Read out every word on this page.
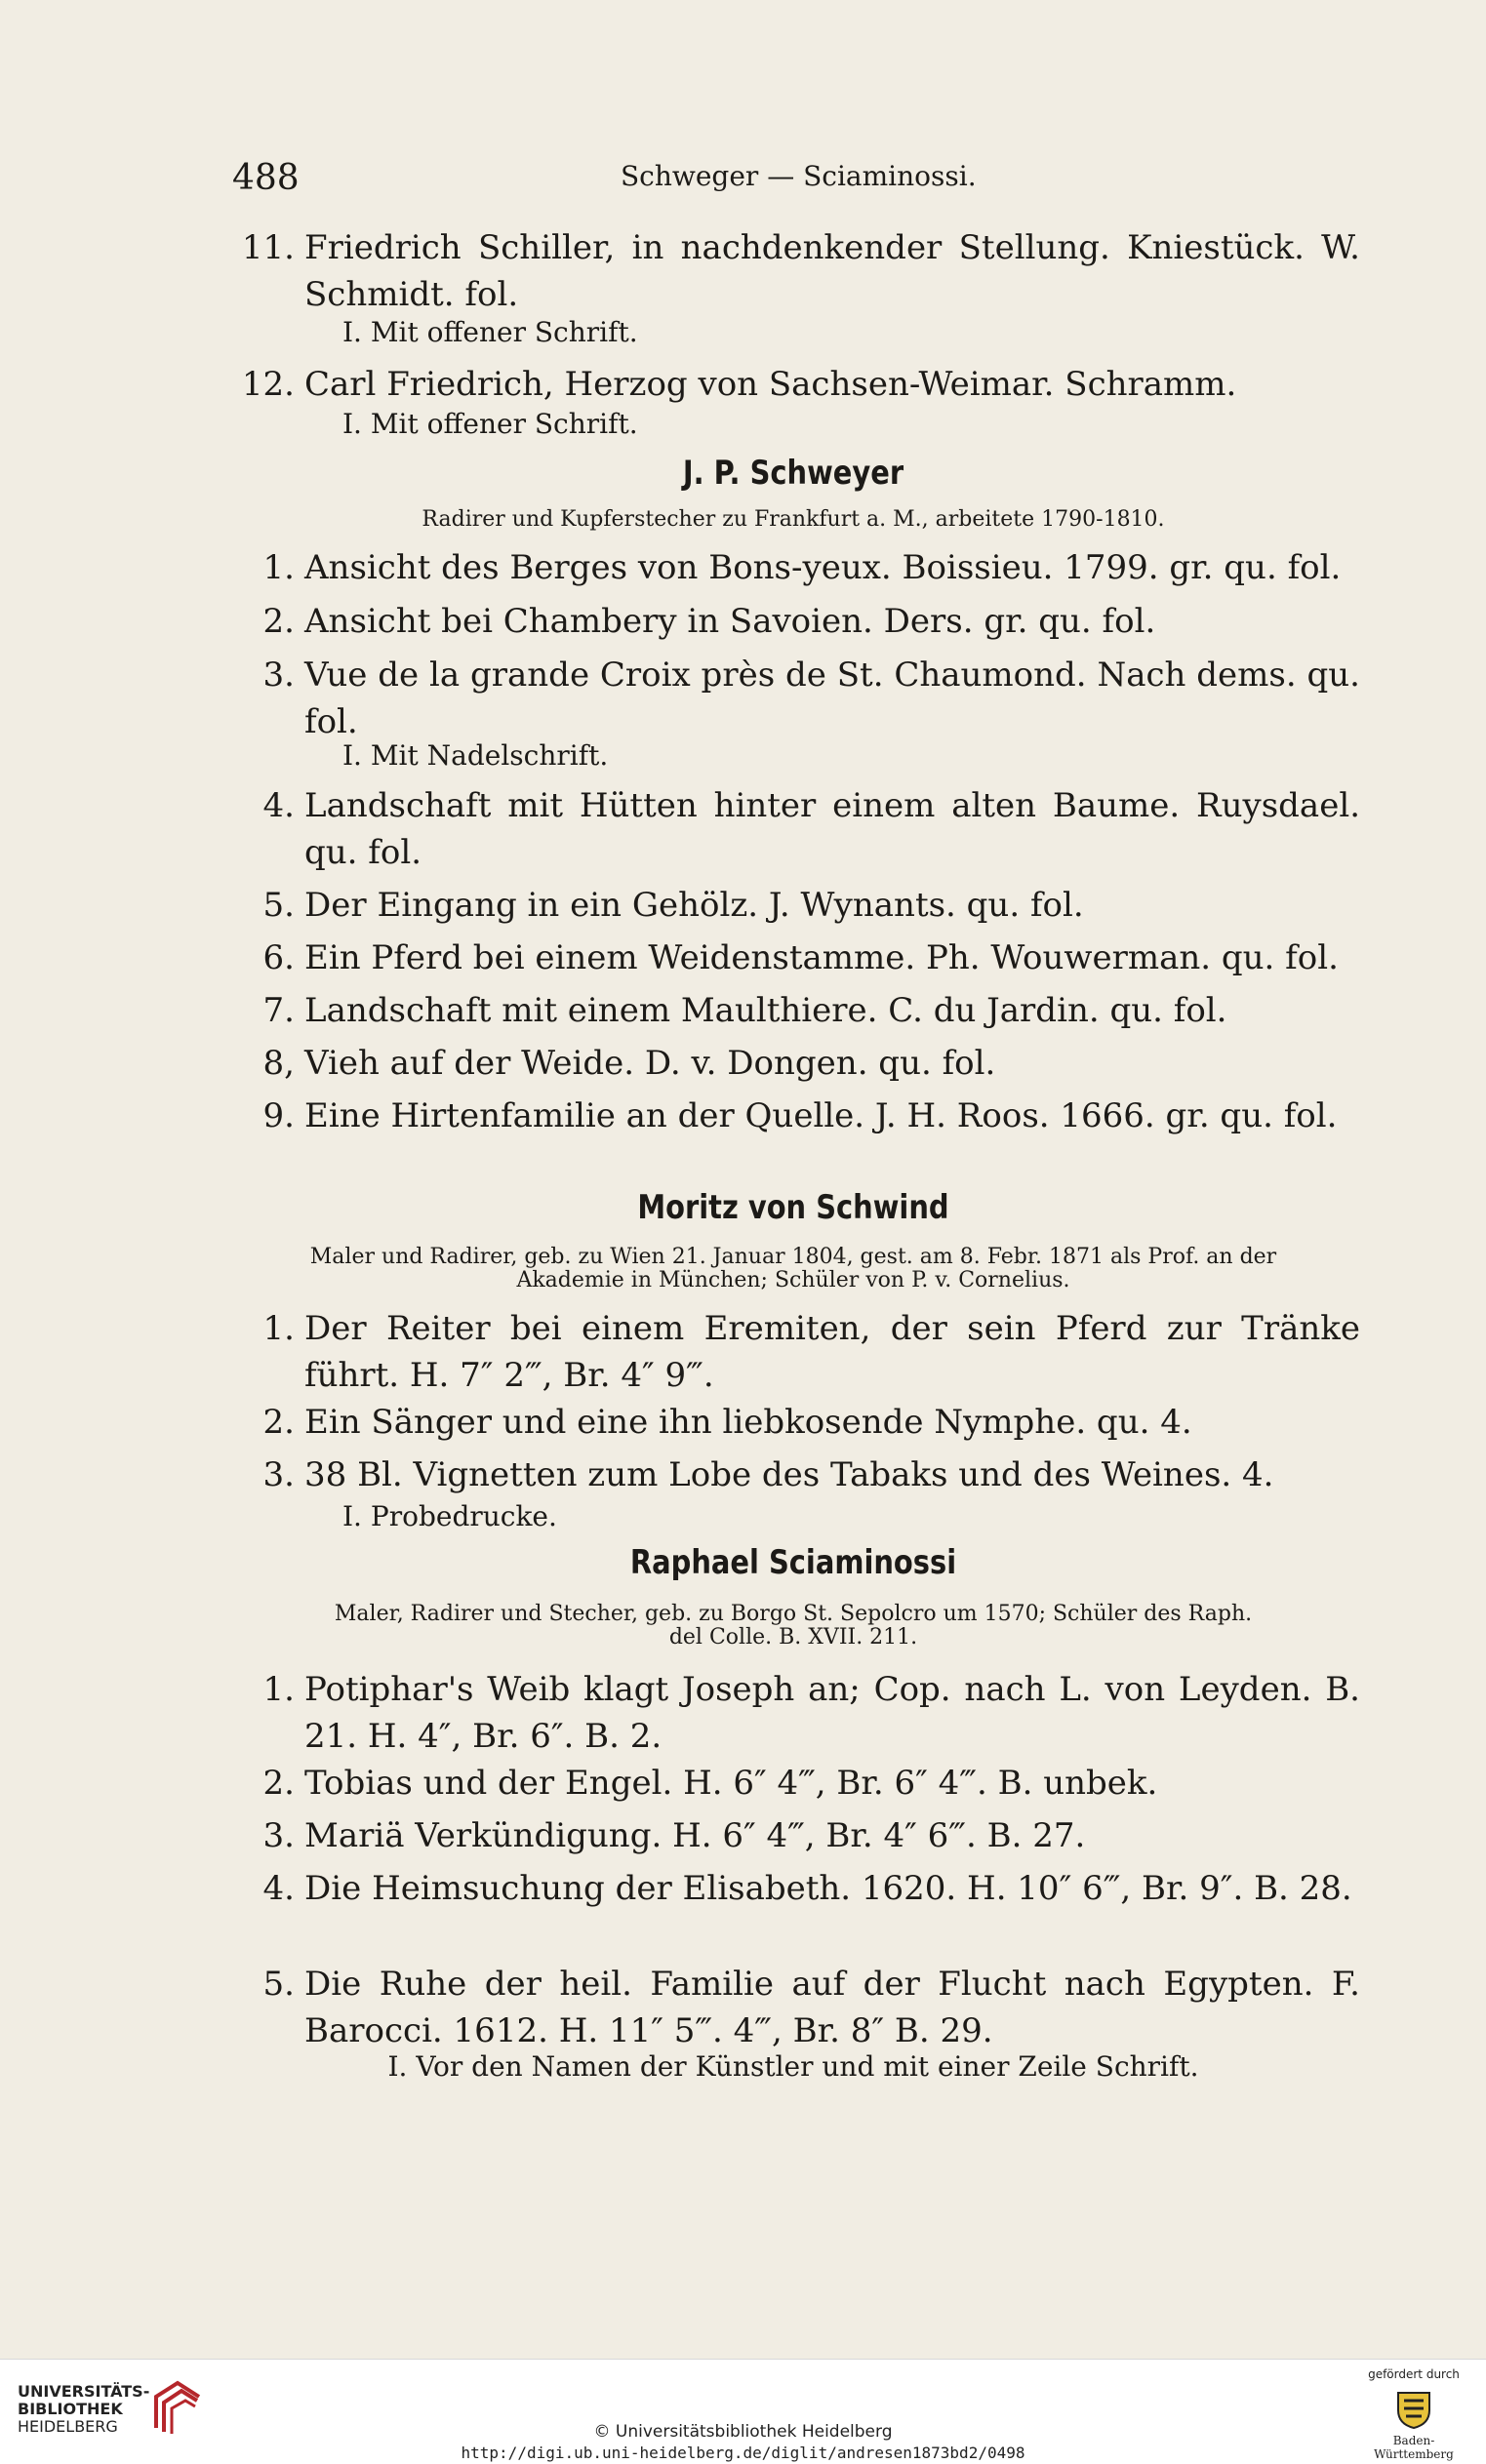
488	Schweger — Sciaminossi.
11. Friedrich Schiller, in nachdenkender Stellung. Kniestück. W. Schmidt. fol.
I. Mit offener Schrift.
12. Carl Friedrich, Herzog von Sachsen-Weimar. Schramm.
I. Mit offener Schrift.
J. P. Schweyer
Radirer und Kupferstecher zu Frankfurt a. M., arbeitete 1790-1810.
1. Ansicht des Berges von Bons-yeux. Boissieu. 1799. gr. qu. fol.
2. Ansicht bei Chambery in Savoien. Ders. gr. qu. fol.
3. Vue de la grande Croix près de St. Chaumond. Nach dems. qu. fol.
I. Mit Nadelschrift.
4. Landschaft mit Hütten hinter einem alten Baume. Ruysdael. qu. fol.
5. Der Eingang in ein Gehölz. J. Wynants. qu. fol.
6. Ein Pferd bei einem Weidenstamme. Ph. Wouwerman. qu. fol.
7. Landschaft mit einem Maulthiere. C. du Jardin. qu. fol.
8, Vieh auf der Weide. D. v. Dongen. qu. fol.
9. Eine Hirtenfamilie an der Quelle. J. H. Roos. 1666. gr. qu. fol.
Moritz von Schwind
Maler und Radirer, geb. zu Wien 21. Januar 1804, gest. am 8. Febr. 1871 als Prof. an der
Akademie in München; Schüler von P. v. Cornelius.
1. Der Reiter bei einem Eremiten, der sein Pferd zur Tränke führt. H. 7″ 2‴, Br. 4″ 9‴.
2. Ein Sänger und eine ihn liebkosende Nymphe. qu. 4.
3. 38 Bl. Vignetten zum Lobe des Tabaks und des Weines. 4.
I. Probedrucke.
Raphael Sciaminossi
Maler, Radirer und Stecher, geb. zu Borgo St. Sepolcro um 1570; Schüler des Raph.
del Colle. B. XVII. 211.
1. Potiphar's Weib klagt Joseph an; Cop. nach L. von Leyden. B. 21. H. 4″, Br. 6″. B. 2.
2. Tobias und der Engel. H. 6″ 4‴, Br. 6″ 4‴. B. unbek.
3. Mariä Verkündigung. H. 6″ 4‴, Br. 4″ 6‴. B. 27.
4. Die Heimsuchung der Elisabeth. 1620. H. 10″ 6‴, Br. 9″. B. 28.
5. Die Ruhe der heil. Familie auf der Flucht nach Egypten. F. Barocci. 1612. H. 11″ 5‴. 4‴, Br. 8″ B. 29.
I. Vor den Namen der Künstler und mit einer Zeile Schrift.
UNIVERSITÄTS-
BIBLIOTHEK
HEIDELBERG	© Universitätsbibliothek Heidelberg
http://digi.ub.uni-heidelberg.de/diglit/andresen1873bd2/0498
gefördert durch
Baden-Württemberg
